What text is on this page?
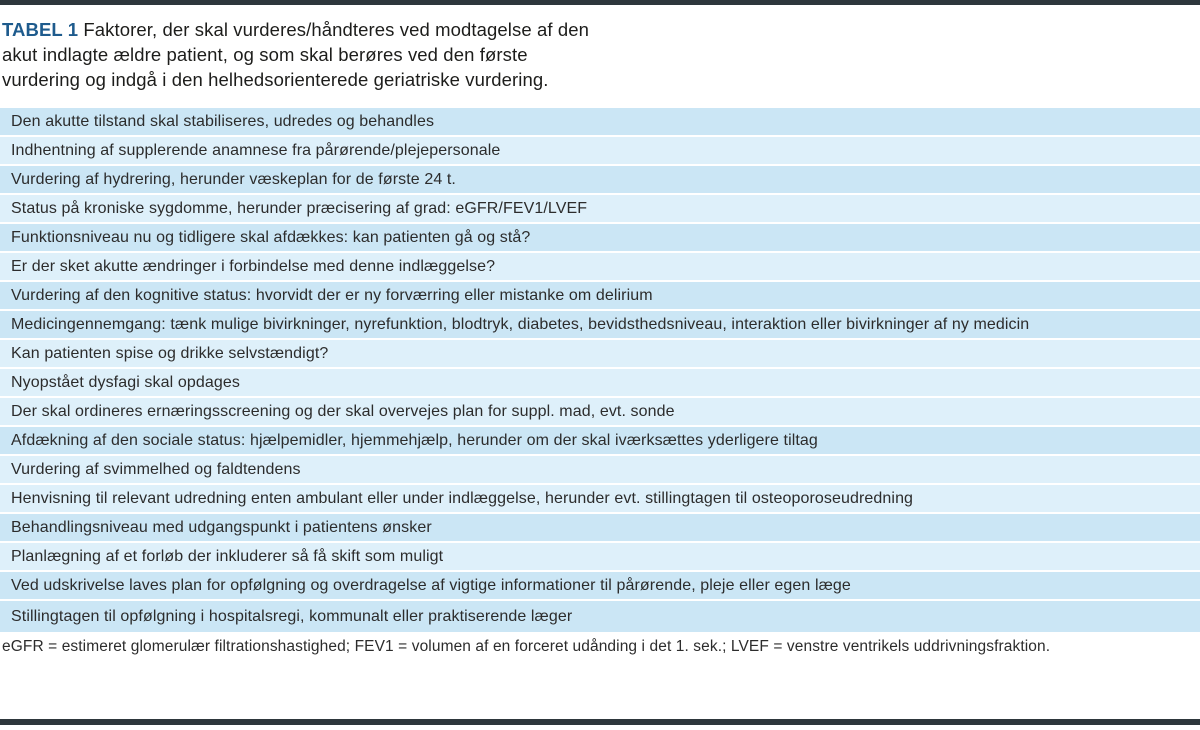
TABEL 1 Faktorer, der skal vurderes/håndteres ved modtagelse af den akut indlagte ældre patient, og som skal berøres ved den første vurdering og indgå i den helhedsorienterede geriatriske vurdering.

Den akutte tilstand skal stabiliseres, udredes og behandles
Indhentning af supplerende anamnese fra pårørende/plejepersonale
Vurdering af hydrering, herunder væskeplan for de første 24 t.
Status på kroniske sygdomme, herunder præcisering af grad: eGFR/FEV1/LVEF
Funktionsniveau nu og tidligere skal afdækkes: kan patienten gå og stå?
Er der sket akutte ændringer i forbindelse med denne indlæggelse?
Vurdering af den kognitive status: hvorvidt der er ny forværring eller mistanke om delirium
Medicingennemgang: tænk mulige bivirkninger, nyrefunktion, blodtryk, diabetes, bevidsthedsniveau, interaktion eller bivirkninger af ny medicin
Kan patienten spise og drikke selvstændigt?
Nyopstået dysfagi skal opdages
Der skal ordineres ernæringsscreening og der skal overvejes plan for suppl. mad, evt. sonde
Afdækning af den sociale status: hjælpemidler, hjemmehjælp, herunder om der skal iværksættes yderligere tiltag
Vurdering af svimmelhed og faldtendens
Henvisning til relevant udredning enten ambulant eller under indlæggelse, herunder evt. stillingtagen til osteoporoseudredning
Behandlingsniveau med udgangspunkt i patientens ønsker
Planlægning af et forløb der inkluderer så få skift som muligt
Ved udskrivelse laves plan for opfølgning og overdragelse af vigtige informationer til pårørende, pleje eller egen læge
Stillingtagen til opfølgning i hospitalsregi, kommunalt eller praktiserende læger
eGFR = estimeret glomerulær filtrationshastighed; FEV1 = volumen af en forceret udånding i det 1. sek.; LVEF = venstre ventrikels uddrivningsfraktion.
